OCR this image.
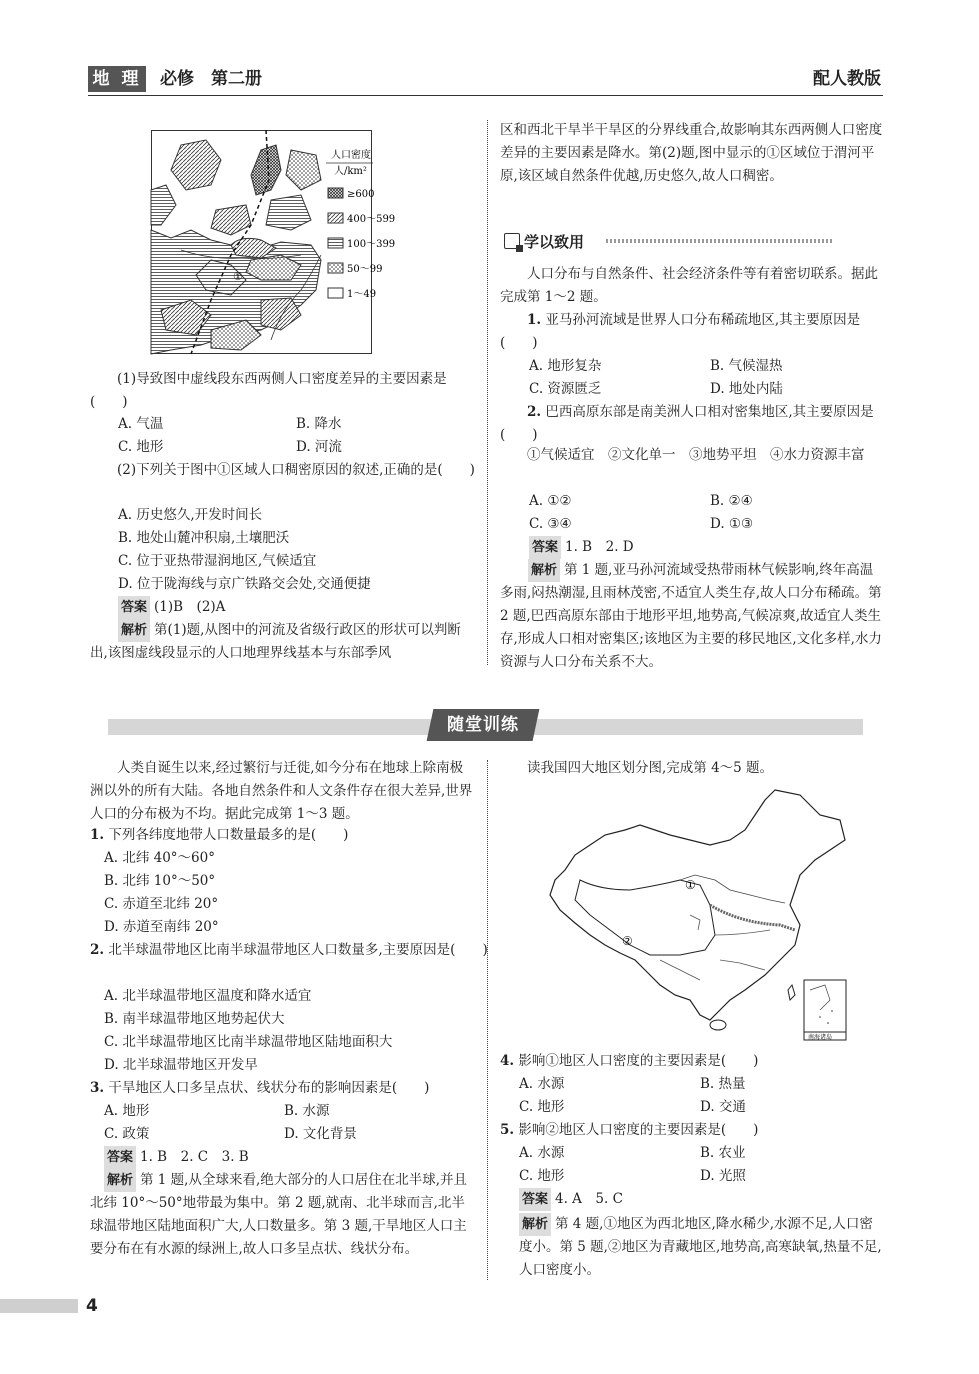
地 理 必修　第二册	配人教版
①
人口密度
人/km²
≥600
400～599
100～399
50～99
1～49
(1)导致图中虚线段东西两侧人口密度差异的主要因素是(　　)
A. 气温	B. 降水
C. 地形	D. 河流
(2)下列关于图中①区域人口稠密原因的叙述,正确的是(　　)
A. 历史悠久,开发时间长
B. 地处山麓冲积扇,土壤肥沃
C. 位于亚热带湿润地区,气候适宜
D. 位于陇海线与京广铁路交会处,交通便捷
答案 (1)B　(2)A
解析 第(1)题,从图中的河流及省级行政区的形状可以判断出,该图虚线段显示的人口地理界线基本与东部季风
区和西北干旱半干旱区的分界线重合,故影响其东西两侧人口密度差异的主要因素是降水。第(2)题,图中显示的①区域位于渭河平原,该区域自然条件优越,历史悠久,故人口稠密。
学以致用
人口分布与自然条件、社会经济条件等有着密切联系。据此完成第 1～2 题。
1. 亚马孙河流域是世界人口分布稀疏地区,其主要原因是(　　)
A. 地形复杂	B. 气候湿热
C. 资源匮乏	D. 地处内陆
2. 巴西高原东部是南美洲人口相对密集地区,其主要原因是(　　)
①气候适宜　②文化单一　③地势平坦　④水力资源丰富
A. ①②	B. ②④
C. ③④	D. ①③
答案 1. B　2. D
解析 第 1 题,亚马孙河流域受热带雨林气候影响,终年高温多雨,闷热潮湿,且雨林茂密,不适宜人类生存,故人口分布稀疏。第 2 题,巴西高原东部由于地形平坦,地势高,气候凉爽,故适宜人类生存,形成人口相对密集区;该地区为主要的移民地区,文化多样,水力资源与人口分布关系不大。
随堂训练
人类自诞生以来,经过繁衍与迁徙,如今分布在地球上除南极洲以外的所有大陆。各地自然条件和人文条件存在很大差异,世界人口的分布极为不均。据此完成第 1～3 题。
1. 下列各纬度地带人口数量最多的是(　　)
A. 北纬 40°～60°
B. 北纬 10°～50°
C. 赤道至北纬 20°
D. 赤道至南纬 20°
2. 北半球温带地区比南半球温带地区人口数量多,主要原因是(　　)
A. 北半球温带地区温度和降水适宜
B. 南半球温带地区地势起伏大
C. 北半球温带地区比南半球温带地区陆地面积大
D. 北半球温带地区开发早
3. 干旱地区人口多呈点状、线状分布的影响因素是(　　)
A. 地形	B. 水源
C. 政策	D. 文化背景
答案 1. B　2. C　3. B
解析 第 1 题,从全球来看,绝大部分的人口居住在北半球,并且北纬 10°～50°地带最为集中。第 2 题,就南、北半球而言,北半球温带地区陆地面积广大,人口数量多。第 3 题,干旱地区人口主要分布在有水源的绿洲上,故人口多呈点状、线状分布。
读我国四大地区划分图,完成第 4～5 题。
①
②
南海诸岛
4. 影响①地区人口密度的主要因素是(　　)
A. 水源	B. 热量
C. 地形	D. 交通
5. 影响②地区人口密度的主要因素是(　　)
A. 水源	B. 农业
C. 地形	D. 光照
答案 4. A　5. C
解析 第 4 题,①地区为西北地区,降水稀少,水源不足,人口密度小。第 5 题,②地区为青藏地区,地势高,高寒缺氧,热量不足,人口密度小。
4
